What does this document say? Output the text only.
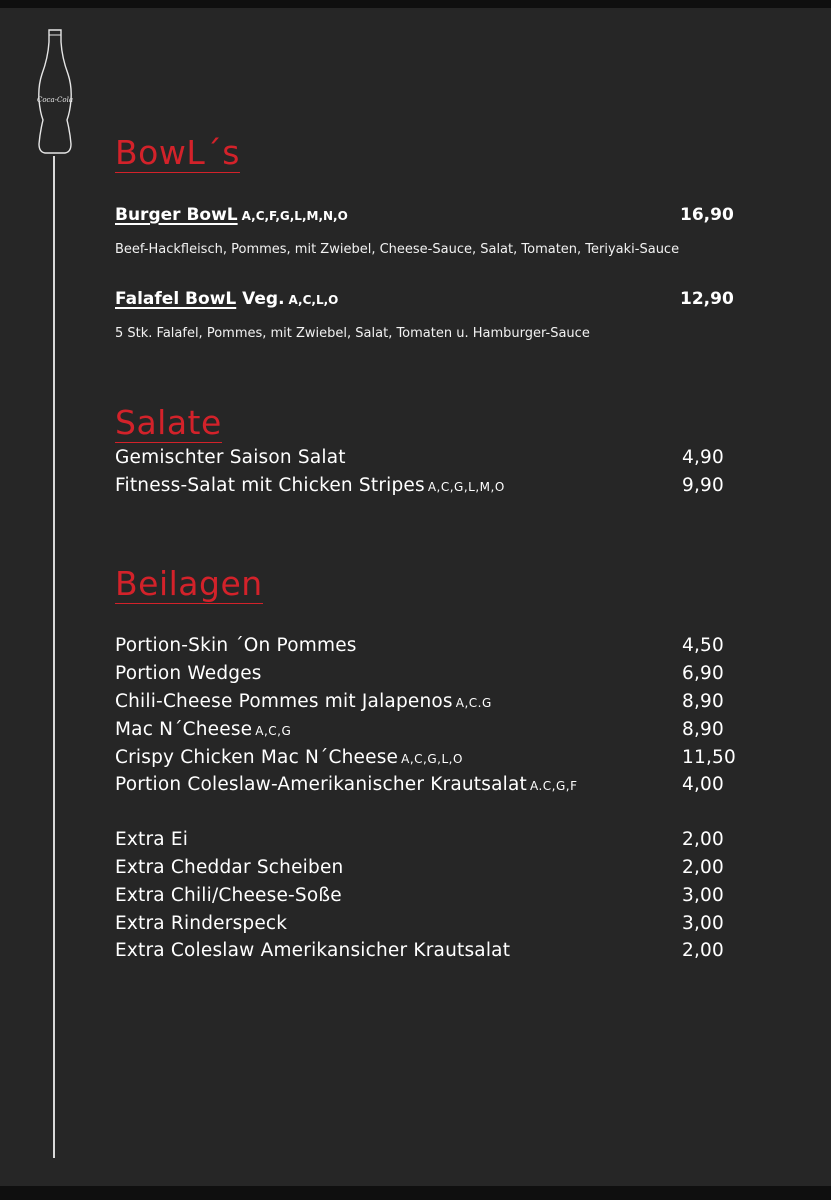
Coca-Cola
BowL´s
Burger BowL A,C,F,G,L,M,N,O	16,90
Beef-Hackfleisch, Pommes, mit Zwiebel, Cheese-Sauce, Salat, Tomaten, Teriyaki-Sauce
Falafel BowL Veg. A,C,L,O	12,90
5 Stk. Falafel, Pommes, mit Zwiebel, Salat, Tomaten u. Hamburger-Sauce
Salate
Gemischter Saison Salat	4,90
Fitness-Salat mit Chicken Stripes A,C,G,L,M,O	9,90
Beilagen
Portion-Skin ´On Pommes	4,50
Portion Wedges	6,90
Chili-Cheese Pommes mit Jalapenos A,C.G	8,90
Mac N´Cheese A,C,G	8,90
Crispy Chicken Mac N´Cheese A,C,G,L,O	11,50
Portion Coleslaw-Amerikanischer Krautsalat A.C,G,F	4,00
Extra Ei	2,00
Extra Cheddar Scheiben	2,00
Extra Chili/Cheese-Soße	3,00
Extra Rinderspeck	3,00
Extra Coleslaw Amerikansicher Krautsalat	2,00
